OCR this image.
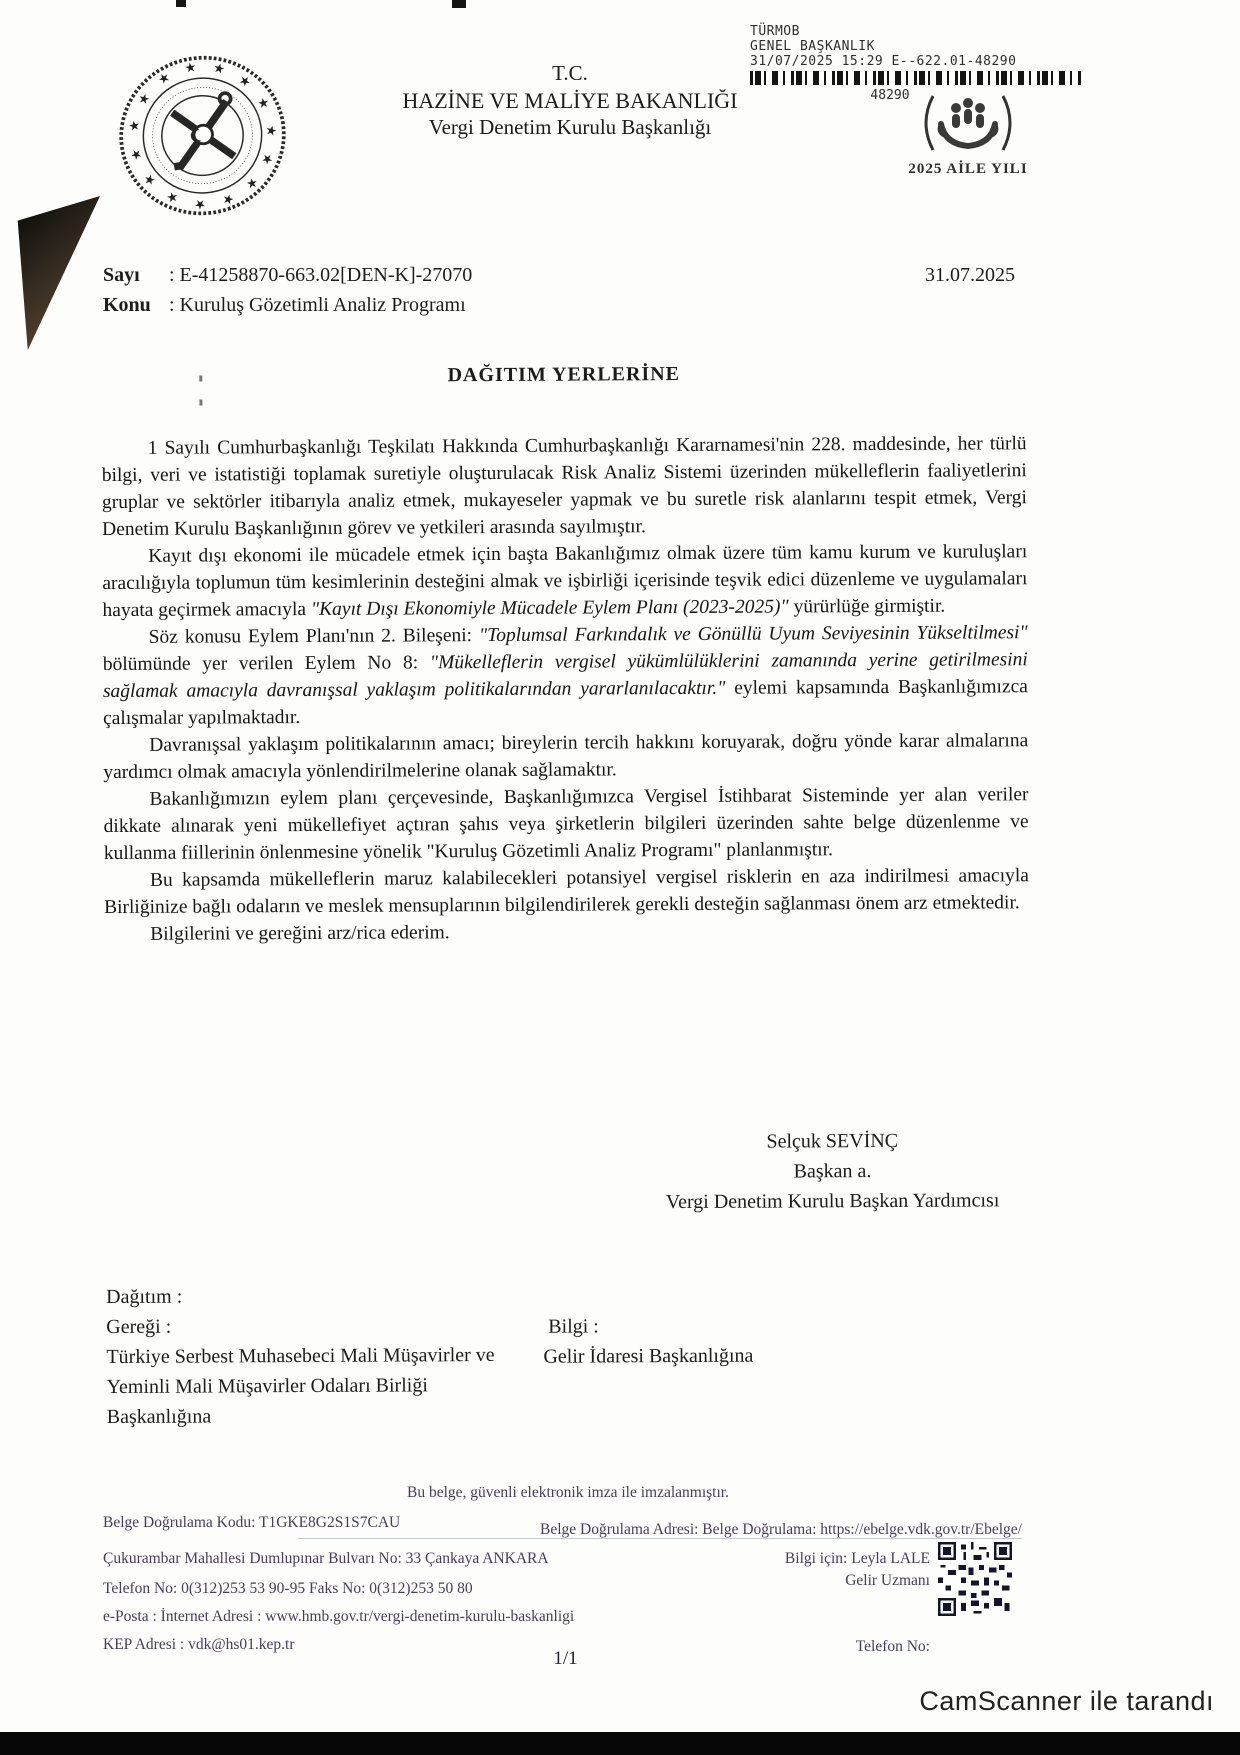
★ ★
★
★
★
★
★
★
★
★
★
★
★
★
★	T.C.
HAZİNE VE MALİYE BAKANLIĞI
Vergi Denetim Kurulu Başkanlığı
TÜRMOB
GENEL BAŞKANLIK
31/07/2025 15:29 E--622.01-48290
48290
2025 AİLE YILI
Sayı : E-41258870-663.02[DEN-K]-27070
Konu : Kuruluş Gözetimli Analiz Programı
31.07.2025
DAĞITIM YERLERİNE

1 Sayılı Cumhurbaşkanlığı Teşkilatı Hakkında Cumhurbaşkanlığı Kararnamesi'nin 228. maddesinde, her türlü bilgi, veri ve istatistiği toplamak suretiyle oluşturulacak Risk Analiz Sistemi üzerinden mükelleflerin faaliyetlerini gruplar ve sektörler itibarıyla analiz etmek, mukayeseler yapmak ve bu suretle risk alanlarını tespit etmek, Vergi Denetim Kurulu Başkanlığının görev ve yetkileri arasında sayılmıştır.

Kayıt dışı ekonomi ile mücadele etmek için başta Bakanlığımız olmak üzere tüm kamu kurum ve kuruluşları aracılığıyla toplumun tüm kesimlerinin desteğini almak ve işbirliği içerisinde teşvik edici düzenleme ve uygulamaları hayata geçirmek amacıyla "Kayıt Dışı Ekonomiyle Mücadele Eylem Planı (2023-2025)" yürürlüğe girmiştir.

Söz konusu Eylem Planı'nın 2. Bileşeni: "Toplumsal Farkındalık ve Gönüllü Uyum Seviyesinin Yükseltilmesi" bölümünde yer verilen Eylem No 8: "Mükelleflerin vergisel yükümlülüklerini zamanında yerine getirilmesini sağlamak amacıyla davranışsal yaklaşım politikalarından yararlanılacaktır." eylemi kapsamında Başkanlığımızca çalışmalar yapılmaktadır.

Davranışsal yaklaşım politikalarının amacı; bireylerin tercih hakkını koruyarak, doğru yönde karar almalarına yardımcı olmak amacıyla yönlendirilmelerine olanak sağlamaktır.

Bakanlığımızın eylem planı çerçevesinde, Başkanlığımızca Vergisel İstihbarat Sisteminde yer alan veriler dikkate alınarak yeni mükellefiyet açtıran şahıs veya şirketlerin bilgileri üzerinden sahte belge düzenlenme ve kullanma fiillerinin önlenmesine yönelik "Kuruluş Gözetimli Analiz Programı" planlanmıştır.

Bu kapsamda mükelleflerin maruz kalabilecekleri potansiyel vergisel risklerin en aza indirilmesi amacıyla Birliğinize bağlı odaların ve meslek mensuplarının bilgilendirilerek gerekli desteğin sağlanması önem arz etmektedir.

Bilgilerini ve gereğini arz/rica ederim.

Selçuk SEVİNÇ
Başkan a.
Vergi Denetim Kurulu Başkan Yardımcısı
Dağıtım :
Gereği :	Bilgi :
Türkiye Serbest Muhasebeci Mali Müşavirler ve
Yeminli Mali Müşavirler Odaları Birliği
Başkanlığına
Gelir İdaresi Başkanlığına
Bu belge, güvenli elektronik imza ile imzalanmıştır.
Belge Doğrulama Kodu: T1GKE8G2S1S7CAU	Belge Doğrulama Adresi: Belge Doğrulama: https://ebelge.vdk.gov.tr/Ebelge/
Çukurambar Mahallesi Dumlupınar Bulvarı No: 33 Çankaya ANKARA
Telefon No: 0(312)253 53 90-95 Faks No: 0(312)253 50 80
e-Posta : İnternet Adresi : www.hmb.gov.tr/vergi-denetim-kurulu-baskanligi
KEP Adresi : vdk@hs01.kep.tr
Bilgi için: Leyla LALE
Gelir Uzmanı
Telefon No:
1/1
CamScanner ile tarandı
